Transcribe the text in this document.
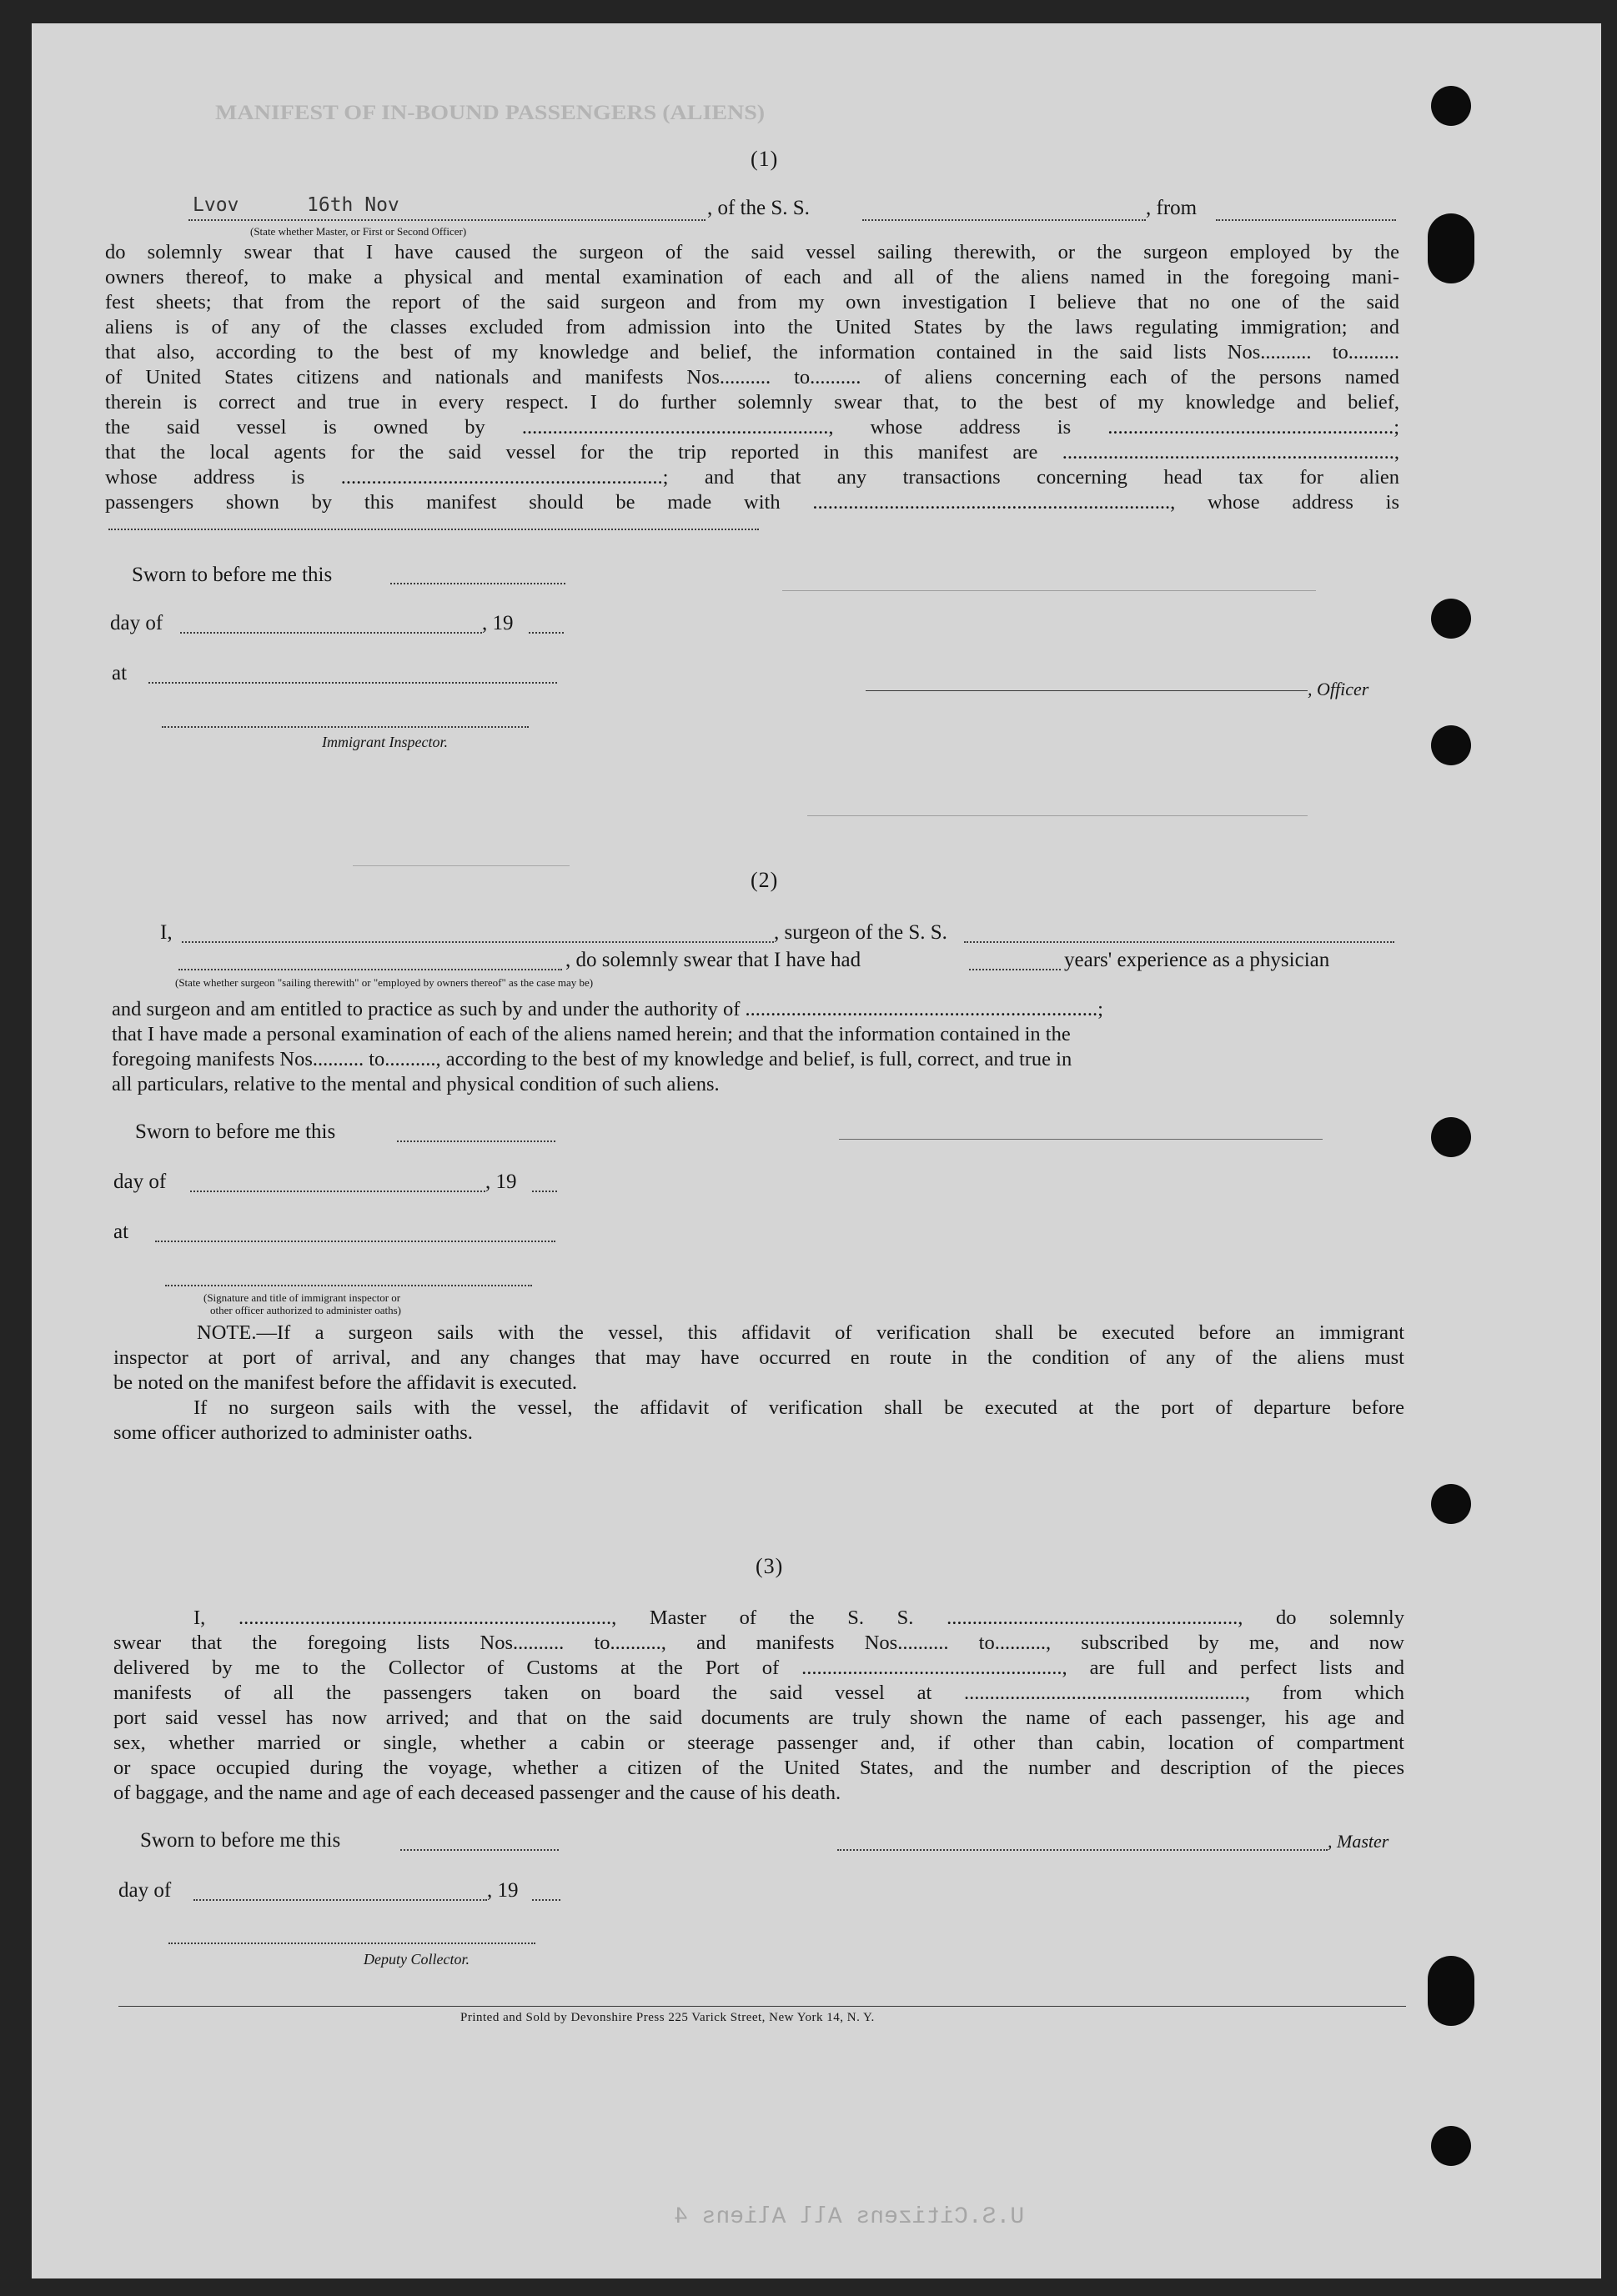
MANIFEST OF IN-BOUND PASSENGERS (ALIENS)
(1)
Lvov	16th Nov	, of the S. S.	, from
(State whether Master, or First or Second Officer)
do solemnly swear that I have caused the surgeon of the said vessel sailing therewith, or the surgeon employed by the
owners thereof, to make a physical and mental examination of each and all of the aliens named in the foregoing mani-
fest sheets; that from the report of the said surgeon and from my own investigation I believe that no one of the said
aliens is of any of the classes excluded from admission into the United States by the laws regulating immigration; and
that also, according to the best of my knowledge and belief, the information contained in the said lists Nos.......... to..........
of United States citizens and nationals and manifests Nos.......... to.......... of aliens concerning each of the persons named
therein is correct and true in every respect. I do further solemnly swear that, to the best of my knowledge and belief,
the said vessel is owned by ............................................................, whose address is ........................................................;
that the local agents for the said vessel for the trip reported in this manifest are .................................................................,
whose address is ...............................................................; and that any transactions concerning head tax for alien
passengers shown by this manifest should be made with ......................................................................, whose address is
Sworn to before me this
, Officer
day of	, 19
at
Immigrant Inspector.
(2)
I,	, surgeon of the S. S.
, do solemnly swear that I have had	years' experience as a physician
(State whether surgeon "sailing therewith" or "employed by owners thereof" as the case may be)
and surgeon and am entitled to practice as such by and under the authority of .....................................................................;
that I have made a personal examination of each of the aliens named herein; and that the information contained in the
foregoing manifests Nos.......... to.........., according to the best of my knowledge and belief, is full, correct, and true in
all particulars, relative to the mental and physical condition of such aliens.
Sworn to before me this
day of	, 19
at
(Signature and title of immigrant inspector or
other officer authorized to administer oaths)
NOTE.—If a surgeon sails with the vessel, this affidavit of verification shall be executed before an immigrant
inspector at port of arrival, and any changes that may have occurred en route in the condition of any of the aliens must
be noted on the manifest before the affidavit is executed.
If no surgeon sails with the vessel, the affidavit of verification shall be executed at the port of departure before
some officer authorized to administer oaths.
(3)
I, ........................................................................., Master of the S. S. ........................................................., do solemnly
swear that the foregoing lists Nos.......... to.........., and manifests Nos.......... to.........., subscribed by me, and now
delivered by me to the Collector of Customs at the Port of ..................................................., are full and perfect lists and
manifests of all the passengers taken on board the said vessel at ......................................................., from which
port said vessel has now arrived; and that on the said documents are truly shown the name of each passenger, his age and
sex, whether married or single, whether a cabin or steerage passenger and, if other than cabin, location of compartment
or space occupied during the voyage, whether a citizen of the United States, and the number and description of the pieces
of baggage, and the name and age of each deceased passenger and the cause of his death.
Sworn to before me this	, Master
day of	, 19
Deputy Collector.
Printed and Sold by Devonshire Press 225 Varick Street, New York 14, N. Y.
U.S.Citizens All Aliens 4
